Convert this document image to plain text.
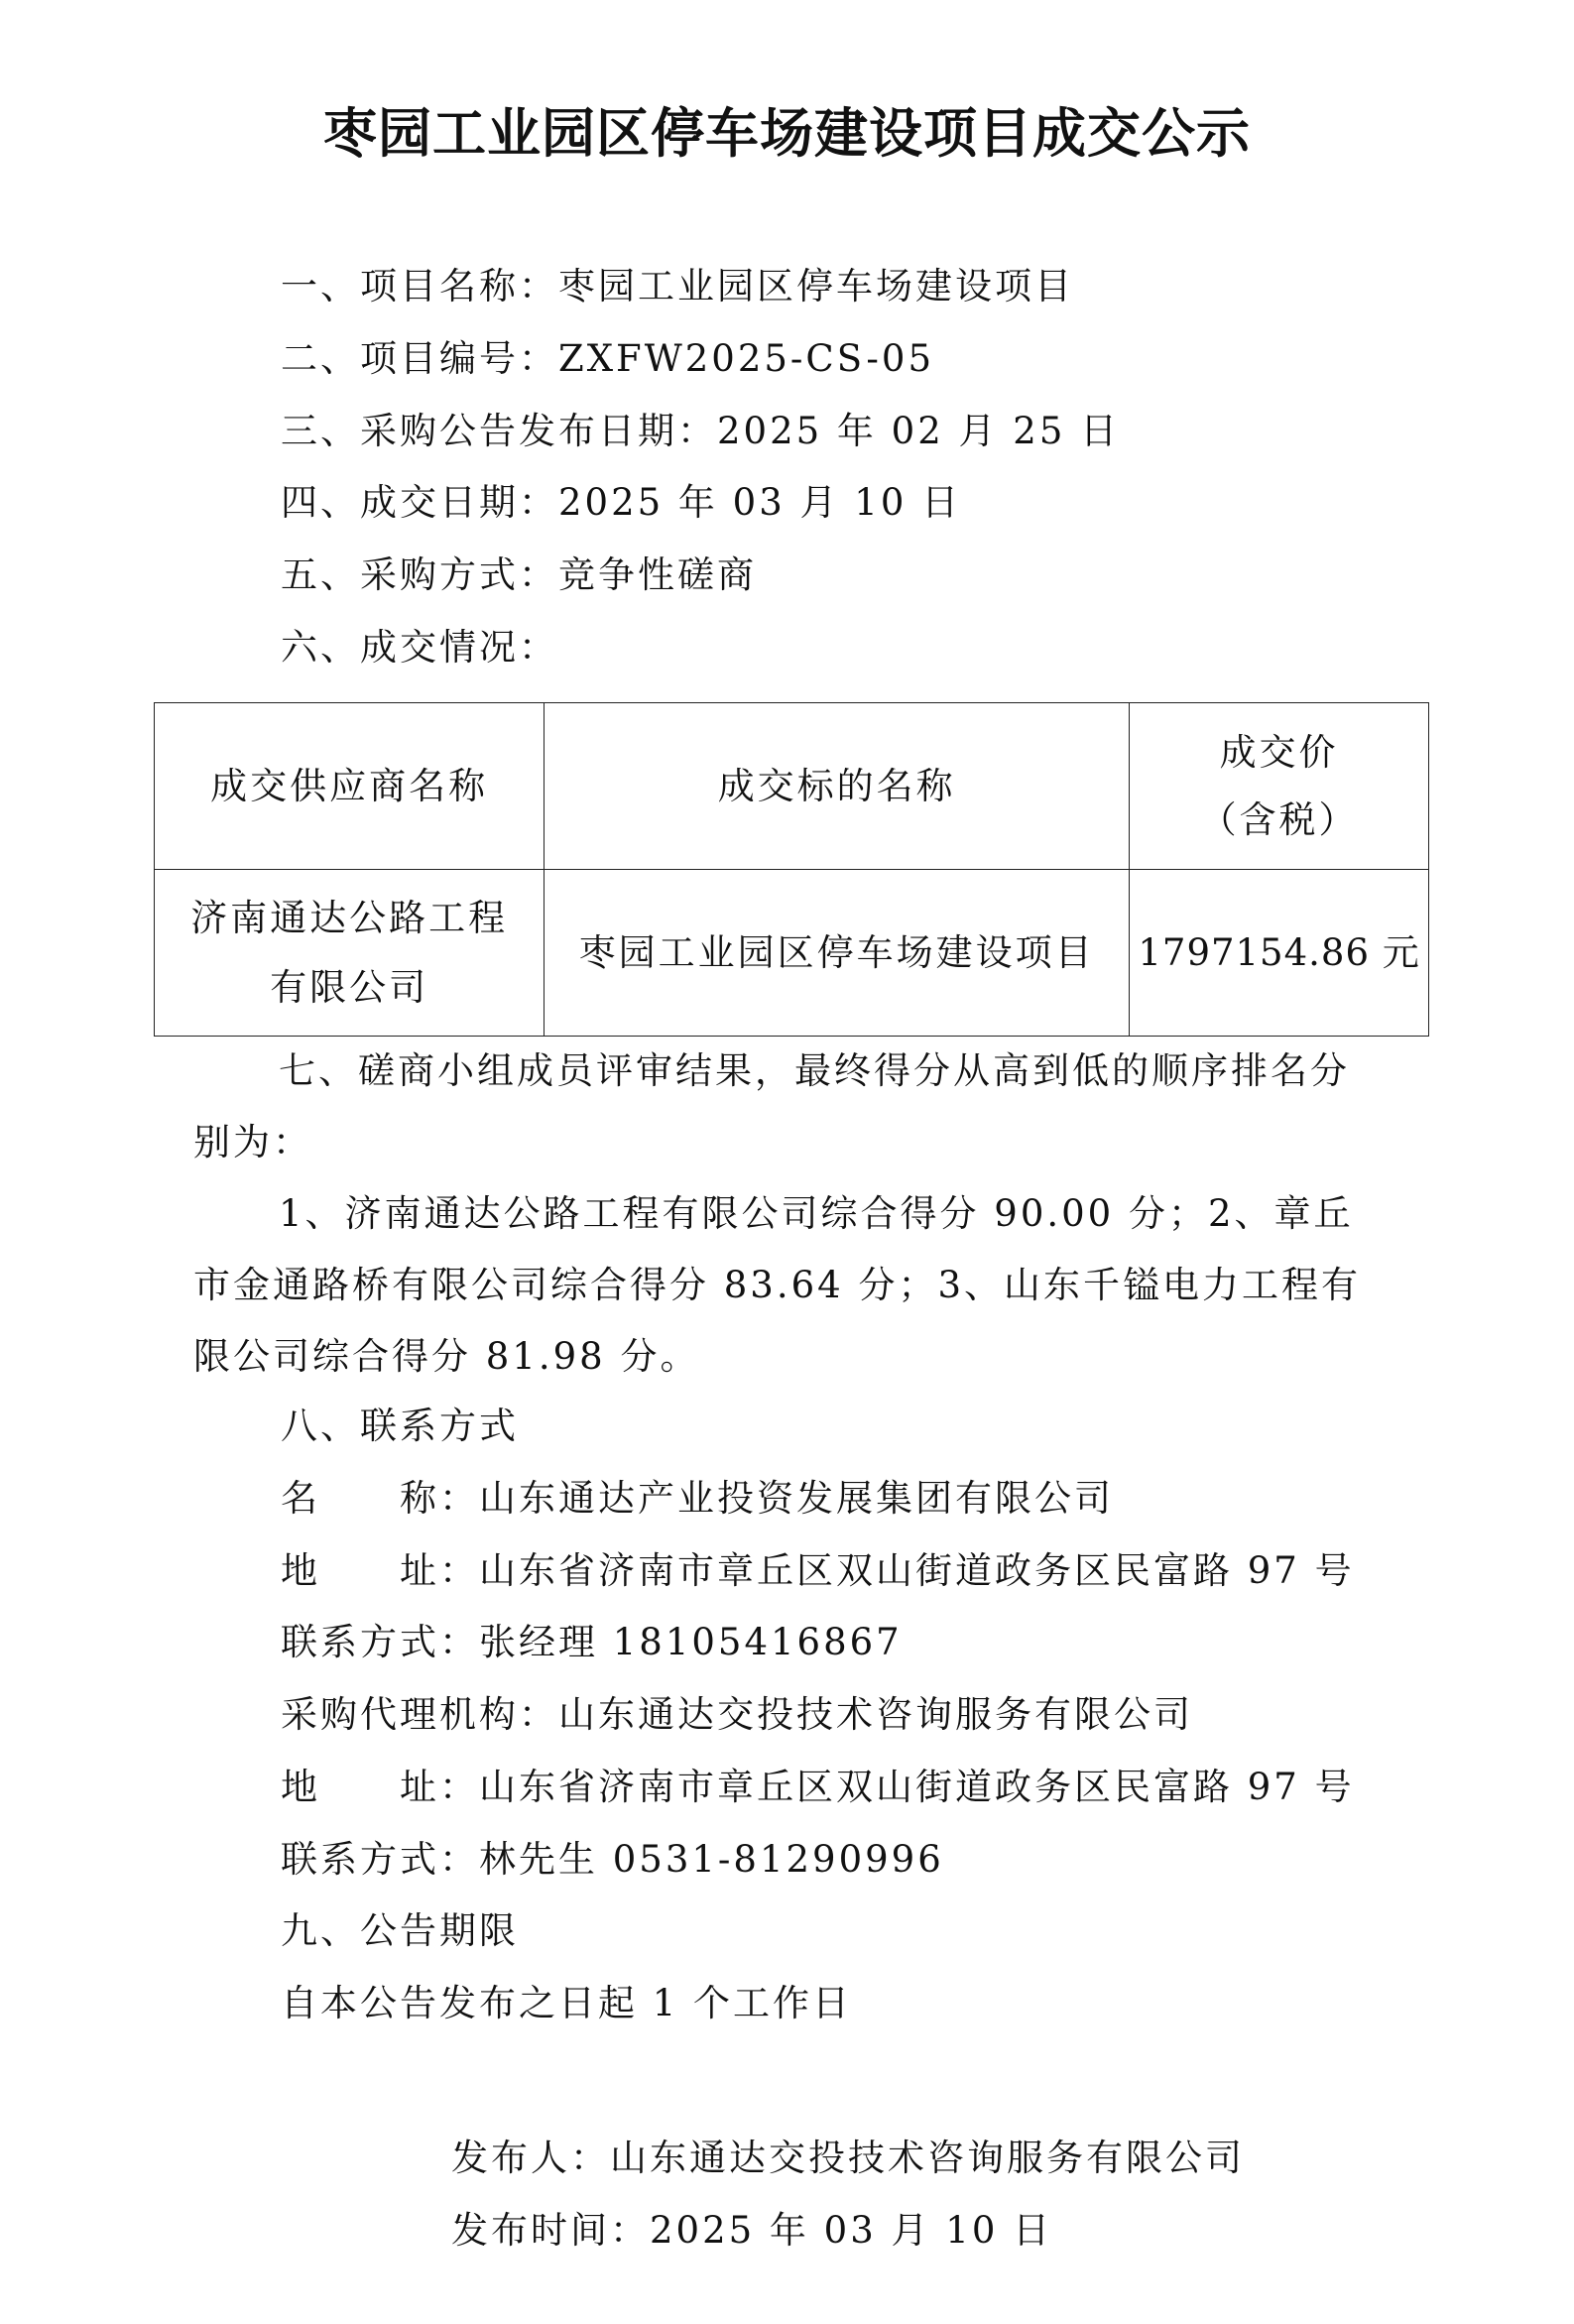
枣园工业园区停车场建设项目成交公示
一、项目名称：枣园工业园区停车场建设项目
二、项目编号：ZXFW2025-CS-05
三、采购公告发布日期：2025 年 02 月 25 日
四、成交日期：2025 年 03 月 10 日
五、采购方式：竞争性磋商
六、成交情况：
成交供应商名称	成交标的名称	成交价
（含税）

济南通达公路工程
有限公司	枣园工业园区停车场建设项目	1797154.86 元
七、磋商小组成员评审结果，最终得分从高到低的顺序排名分别为：
1、济南通达公路工程有限公司综合得分 90.00 分；2、章丘市金通路桥有限公司综合得分 83.64 分；3、山东千镒电力工程有限公司综合得分 81.98 分。
八、联系方式
名　　称：山东通达产业投资发展集团有限公司
地　　址：山东省济南市章丘区双山街道政务区民富路 97 号
联系方式：张经理 18105416867
采购代理机构：山东通达交投技术咨询服务有限公司
地　　址：山东省济南市章丘区双山街道政务区民富路 97 号
联系方式：林先生 0531-81290996
九、公告期限
自本公告发布之日起 1 个工作日
发布人：山东通达交投技术咨询服务有限公司
发布时间：2025 年 03 月 10 日
